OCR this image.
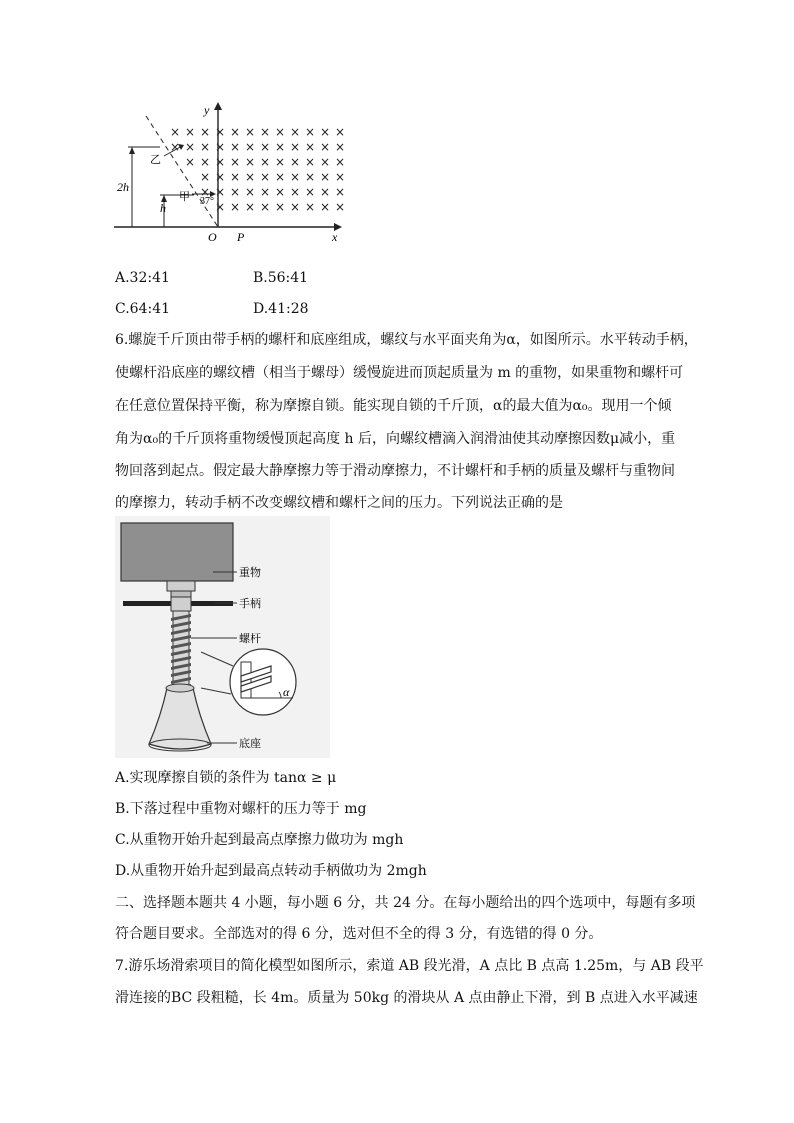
y
x
O P
2h
h
乙
甲 37°
× × × × × × × × × × × ×
× × × × × × × × × × × ×
× × × × × × × × × × ×
× × × × × × × × × ×
× × × × × × × × × ×
× × × × × × × × ×
A.32:41	B.56:41
C.64:41	D.41:28
6.螺旋千斤顶由带手柄的螺杆和底座组成，螺纹与水平面夹角为α，如图所示。水平转动手柄，
使螺杆沿底座的螺纹槽（相当于螺母）缓慢旋进而顶起质量为 m 的重物，如果重物和螺杆可
在任意位置保持平衡，称为摩擦自锁。能实现自锁的千斤顶，α的最大值为α₀。现用一个倾
角为α₀的千斤顶将重物缓慢顶起高度 h 后，向螺纹槽滴入润滑油使其动摩擦因数μ减小，重
物回落到起点。假定最大静摩擦力等于滑动摩擦力，不计螺杆和手柄的质量及螺杆与重物间
的摩擦力，转动手柄不改变螺纹槽和螺杆之间的压力。下列说法正确的是
α
重物
手柄
螺杆
底座
A.实现摩擦自锁的条件为 tanα ≥ μ
B.下落过程中重物对螺杆的压力等于 mg
C.从重物开始升起到最高点摩擦力做功为 mgh
D.从重物开始升起到最高点转动手柄做功为 2mgh
二、选择题本题共 4 小题，每小题 6 分，共 24 分。在每小题给出的四个选项中，每题有多项
符合题目要求。全部选对的得 6 分，选对但不全的得 3 分，有选错的得 0 分。
7.游乐场滑索项目的简化模型如图所示，索道 AB 段光滑，A 点比 B 点高 1.25m，与 AB 段平
滑连接的BC 段粗糙，长 4m。质量为 50kg 的滑块从 A 点由静止下滑，到 B 点进入水平减速
